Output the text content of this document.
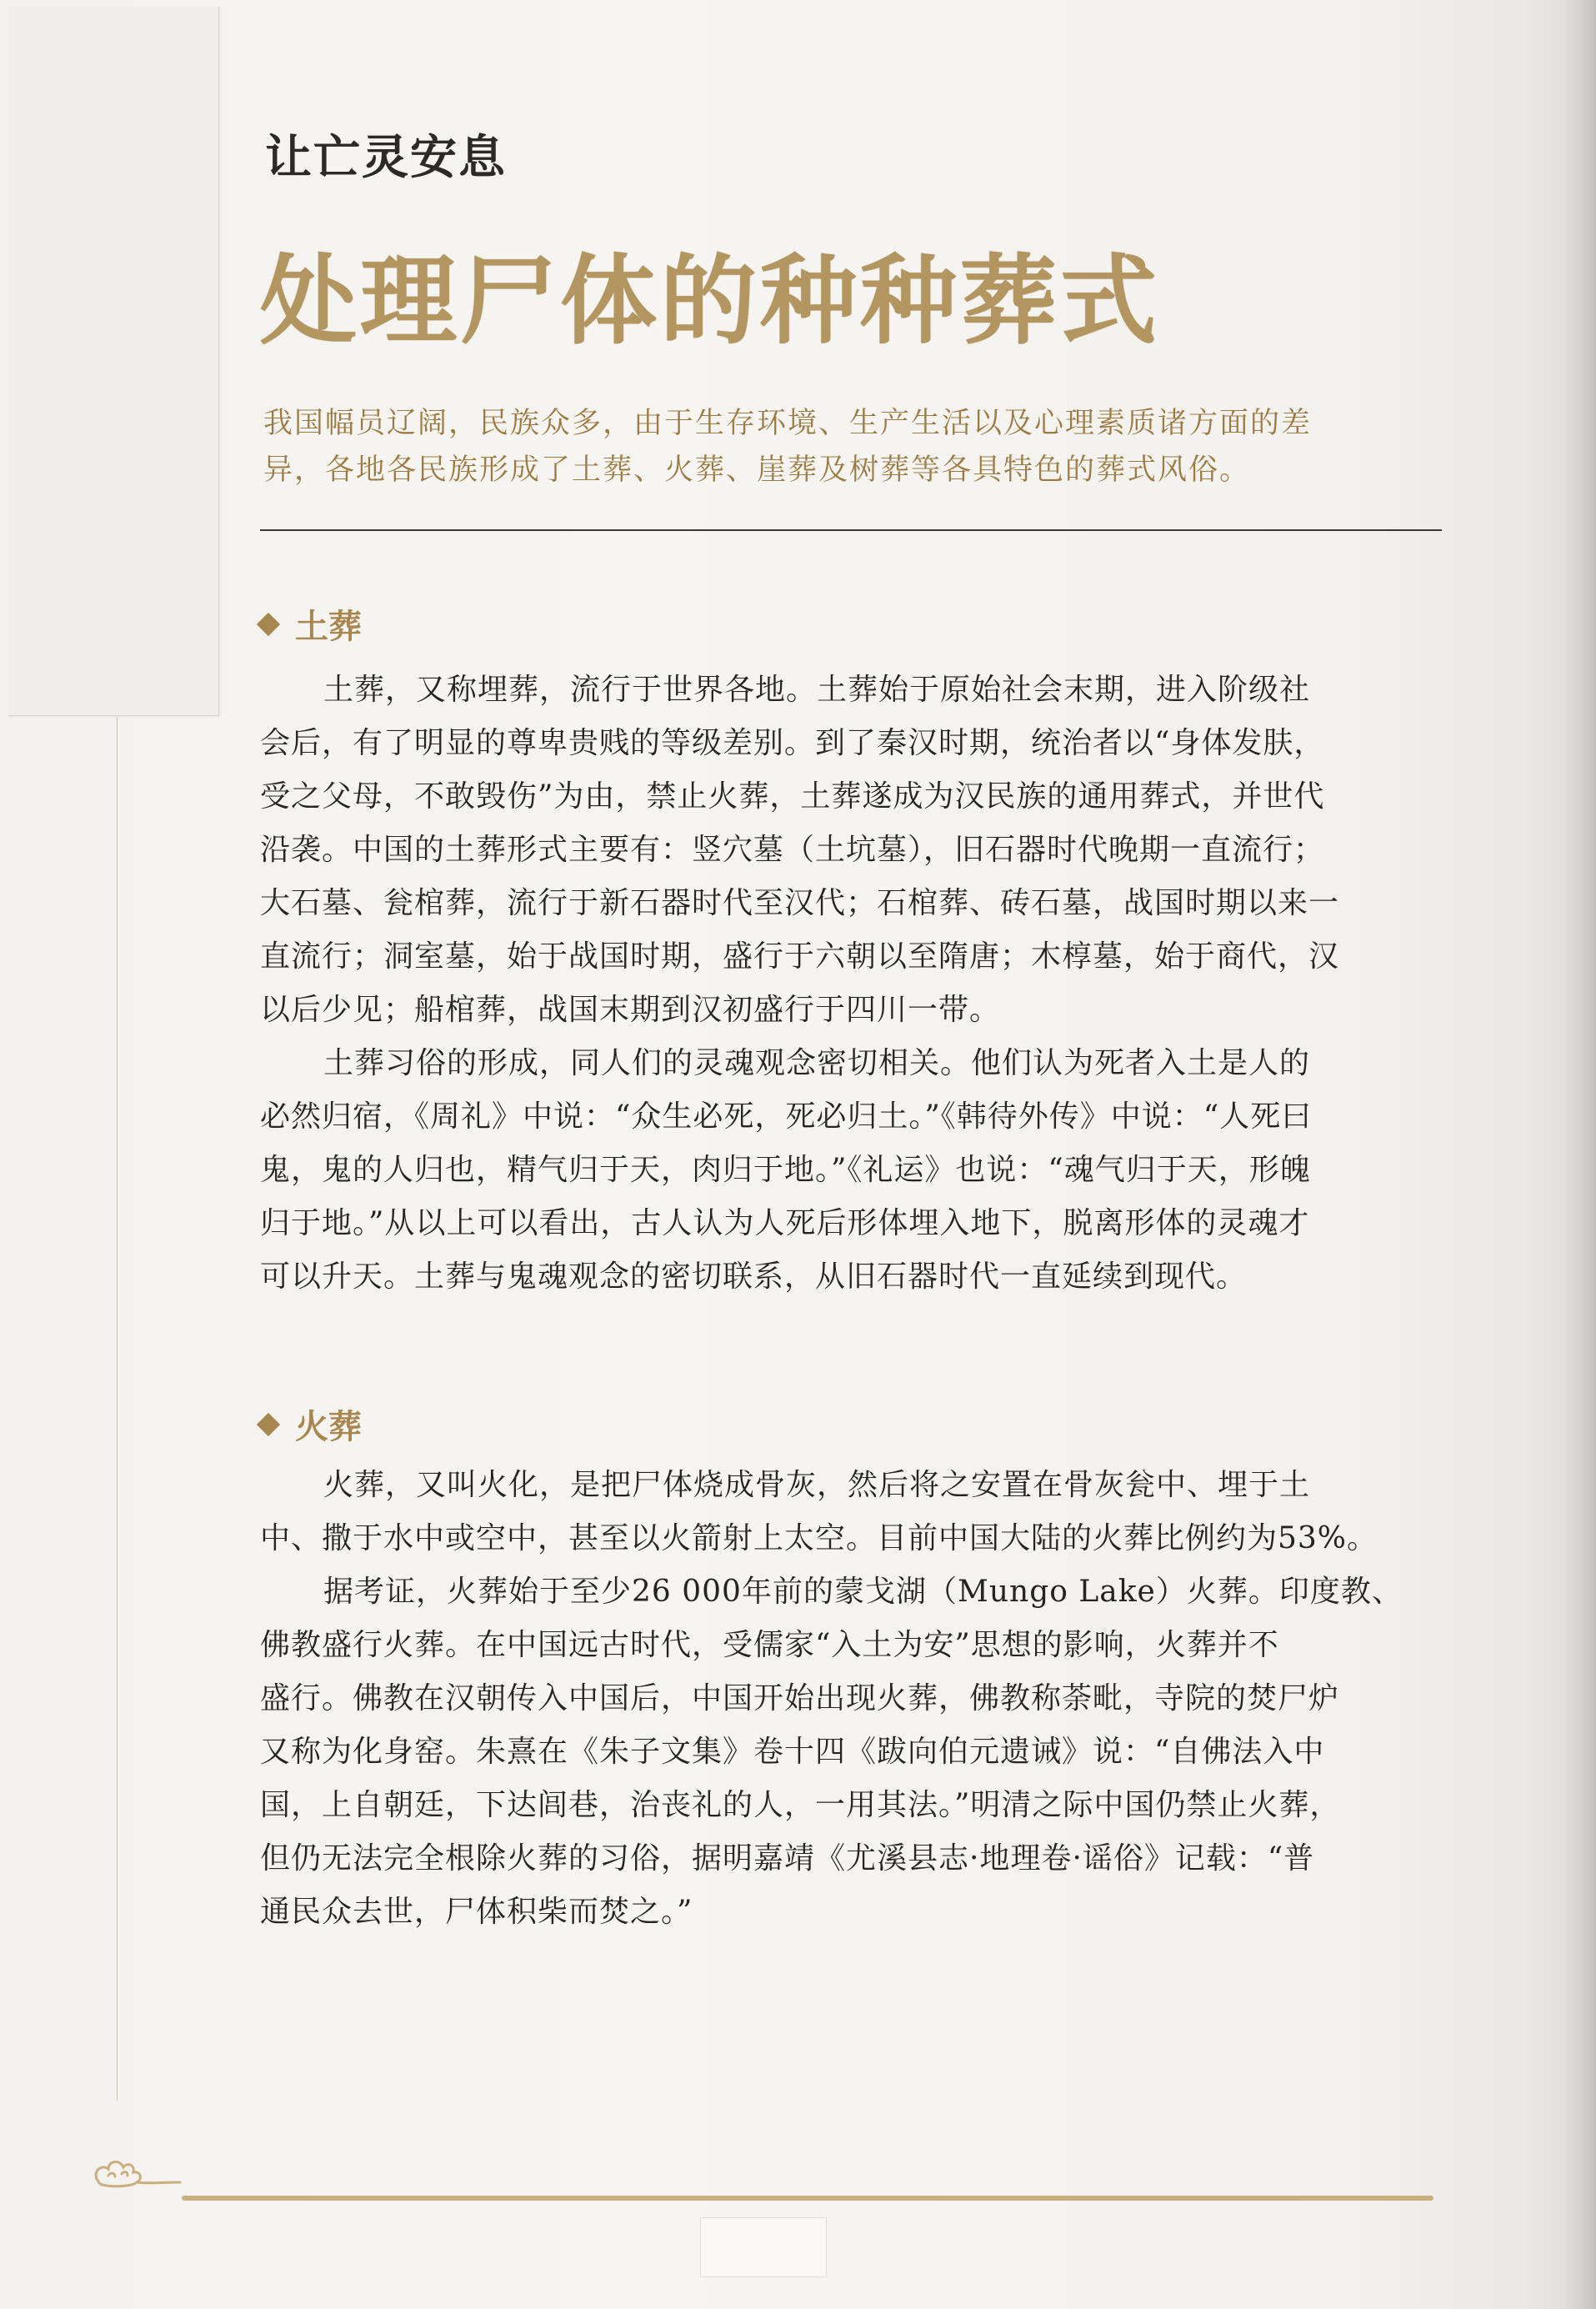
让亡灵安息
处理尸体的种种葬式

我国幅员辽阔，民族众多，由于生存环境、生产生活以及心理素质诸方面的差

异，各地各民族形成了土葬、火葬、崖葬及树葬等各具特色的葬式风俗。

土葬

土葬，又称埋葬，流行于世界各地。土葬始于原始社会末期，进入阶级社

会后，有了明显的尊卑贵贱的等级差别。到了秦汉时期，统治者以“身体发肤，

受之父母，不敢毁伤”为由，禁止火葬，土葬遂成为汉民族的通用葬式，并世代

沿袭。中国的土葬形式主要有：竖穴墓（土坑墓），旧石器时代晚期一直流行；

大石墓、瓮棺葬，流行于新石器时代至汉代；石棺葬、砖石墓，战国时期以来一

直流行；洞室墓，始于战国时期，盛行于六朝以至隋唐；木椁墓，始于商代，汉

以后少见；船棺葬，战国末期到汉初盛行于四川一带。

土葬习俗的形成，同人们的灵魂观念密切相关。他们认为死者入土是人的

必然归宿，《周礼》中说：“众生必死，死必归土。”《韩待外传》中说：“人死曰

鬼，鬼的人归也，精气归于天，肉归于地。”《礼运》也说：“魂气归于天，形魄

归于地。”从以上可以看出，古人认为人死后形体埋入地下，脱离形体的灵魂才

可以升天。土葬与鬼魂观念的密切联系，从旧石器时代一直延续到现代。

火葬

火葬，又叫火化，是把尸体烧成骨灰，然后将之安置在骨灰瓮中、埋于土

中、撒于水中或空中，甚至以火箭射上太空。目前中国大陆的火葬比例约为53%。

据考证，火葬始于至少26 000年前的蒙戈湖（Mungo Lake）火葬。印度教、

佛教盛行火葬。在中国远古时代，受儒家“入土为安”思想的影响，火葬并不

盛行。佛教在汉朝传入中国后，中国开始出现火葬，佛教称荼毗，寺院的焚尸炉

又称为化身窑。朱熹在《朱子文集》卷十四《跋向伯元遗诫》说：“自佛法入中

国，上自朝廷，下达闾巷，治丧礼的人，一用其法。”明清之际中国仍禁止火葬，

但仍无法完全根除火葬的习俗，据明嘉靖《尤溪县志·地理卷·谣俗》记载：“普

通民众去世，尸体积柴而焚之。”
